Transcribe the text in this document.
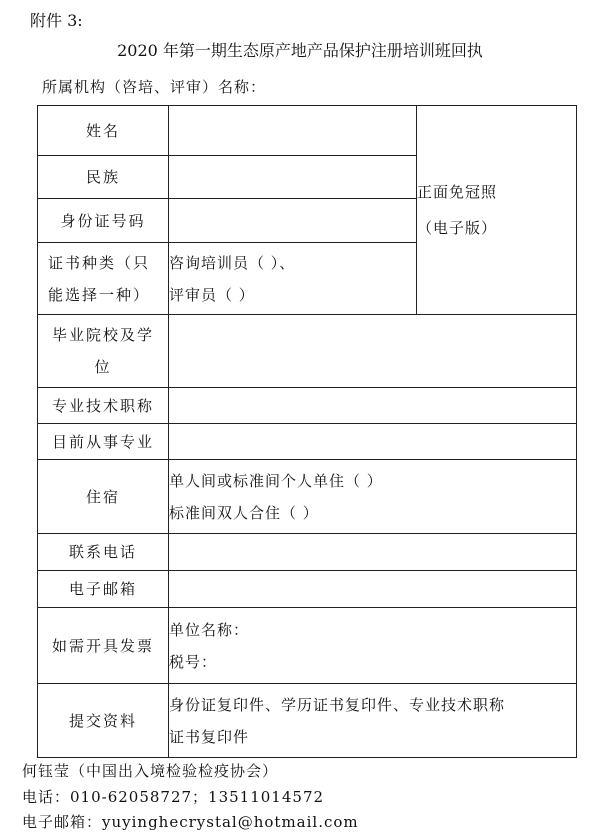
附件 3:
2020 年第一期生态原产地产品保护注册培训班回执
所属机构（咨培、评审）名称：
姓名		正面免冠照
（电子版）

民族		
身份证号码		

证书种类（只
能选择一种）	咨询培训员（ ）、
评审员（ ）	

毕业院校及学
位		

专业技术职称		
目前从事专业		
住宿	单人间或标准间个人单住（ ）
标准间双人合住（ ）	

联系电话		
电子邮箱		
如需开具发票	单位名称：
税号：	

提交资料	身份证复印件、学历证书复印件、专业技术职称
证书复印件	
何钰莹（中国出入境检验检疫协会）
电话：010-62058727；13511014572
电子邮箱：yuyinghecrystal@hotmail.com
